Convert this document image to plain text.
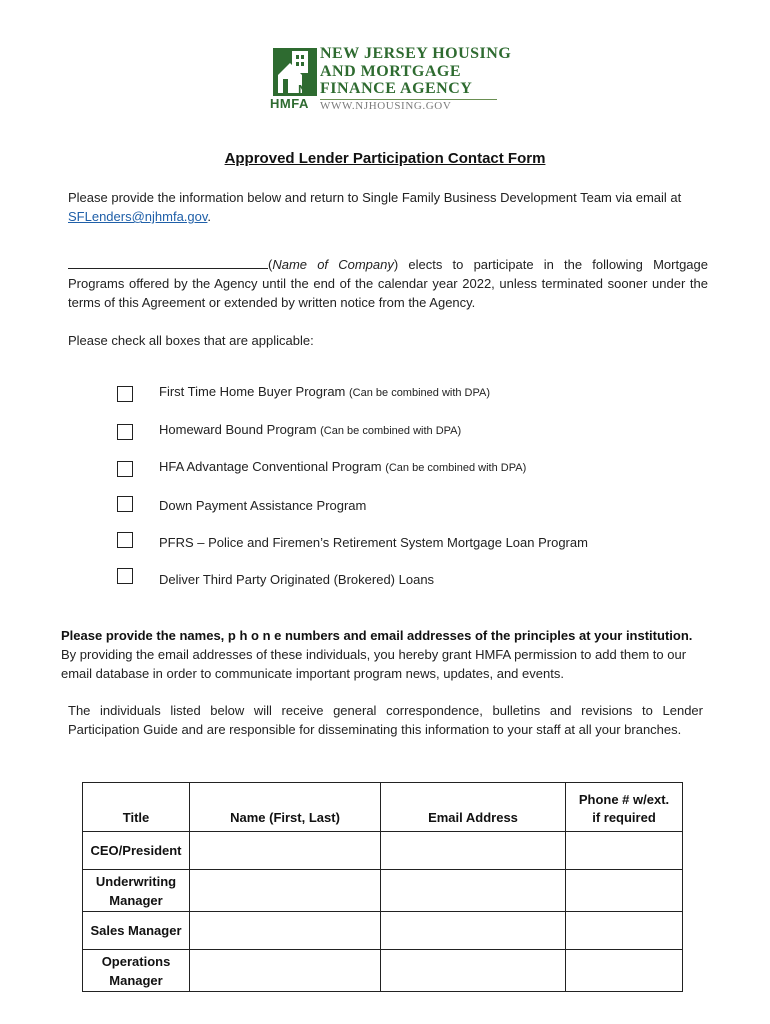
NJ
HMFA
NEW JERSEY HOUSING
AND MORTGAGE
FINANCE AGENCY
WWW.NJHOUSING.GOV
Approved Lender Participation Contact Form
Please provide the information below and return to Single Family Business Development Team via email at SFLenders@njhmfa.gov.
(Name of Company) elects to participate in the following Mortgage Programs offered by the Agency until the end of the calendar year 2022, unless terminated sooner under the terms of this Agreement or extended by written notice from the Agency.
Please check all boxes that are applicable:
First Time Home Buyer Program (Can be combined with DPA)
Homeward Bound Program (Can be combined with DPA)
HFA Advantage Conventional Program (Can be combined with DPA)
Down Payment Assistance Program
PFRS – Police and Firemen’s Retirement System Mortgage Loan Program
Deliver Third Party Originated (Brokered) Loans
Please provide the names, p h o n e numbers and email addresses of the principles at your institution. By providing the email addresses of these individuals, you hereby grant HMFA permission to add them to our email database in order to communicate important program news, updates, and events.
The individuals listed below will receive general correspondence, bulletins and revisions to Lender Participation Guide and are responsible for disseminating this information to your staff at all your branches.
Title	Name (First, Last)	Email Address	Phone # w/ext.
if required

CEO/President			

Underwriting
Manager			

Sales Manager			

Operations
Manager			
